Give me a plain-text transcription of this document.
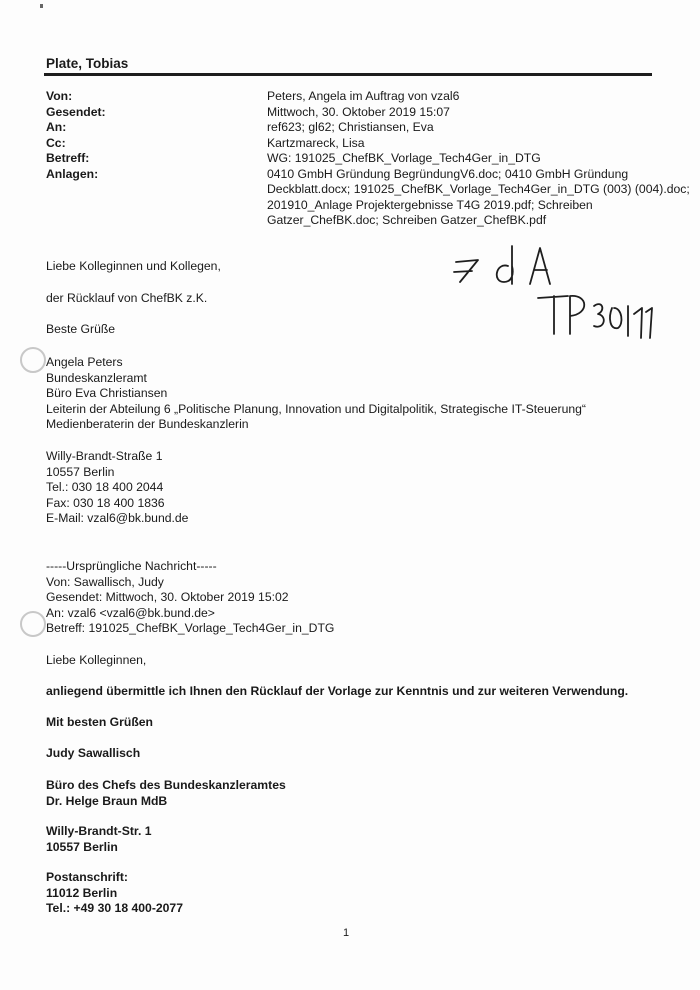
Plate, Tobias
Von:
Gesendet:
An:
Cc:
Betreff:
Anlagen:
Peters, Angela im Auftrag von vzal6
Mittwoch, 30. Oktober 2019 15:07
ref623; gl62; Christiansen, Eva
Kartzmareck, Lisa
WG: 191025_ChefBK_Vorlage_Tech4Ger_in_DTG
0410 GmbH Gründung BegründungV6.doc; 0410 GmbH Gründung
Deckblatt.docx; 191025_ChefBK_Vorlage_Tech4Ger_in_DTG (003) (004).doc;
201910_Anlage Projektergebnisse T4G 2019.pdf; Schreiben
Gatzer_ChefBK.doc; Schreiben Gatzer_ChefBK.pdf
Liebe Kolleginnen und Kollegen,
der Rücklauf von ChefBK z.K.
Beste Grüße
Angela Peters
Bundeskanzleramt
Büro Eva Christiansen
Leiterin der Abteilung 6 „Politische Planung, Innovation und Digitalpolitik, Strategische IT-Steuerung“
Medienberaterin der Bundeskanzlerin
Willy-Brandt-Straße 1
10557 Berlin
Tel.: 030 18 400 2044
Fax: 030 18 400 1836
E-Mail: vzal6@bk.bund.de
-----Ursprüngliche Nachricht-----
Von: Sawallisch, Judy
Gesendet: Mittwoch, 30. Oktober 2019 15:02
An: vzal6 <vzal6@bk.bund.de>
Betreff: 191025_ChefBK_Vorlage_Tech4Ger_in_DTG
Liebe Kolleginnen,
anliegend übermittle ich Ihnen den Rücklauf der Vorlage zur Kenntnis und zur weiteren Verwendung.
Mit besten Grüßen
Judy Sawallisch
Büro des Chefs des Bundeskanzleramtes
Dr. Helge Braun MdB
Willy-Brandt-Str. 1
10557 Berlin
Postanschrift:
11012 Berlin
Tel.: +49 30 18 400-2077
1
